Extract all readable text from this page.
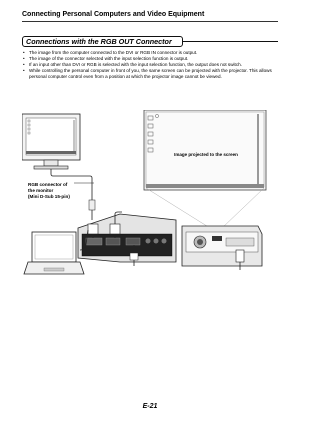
Connecting Personal Computers and Video Equipment
Connections with the RGB OUT Connector
• The image from the computer connected to the DVI or RGB IN connector is output.
• The image of the connector selected with the input selection function is output.
• If an input other than DVI or RGB is selected with the input selection function, the output does not switch.
• While controlling the personal computer in front of you, the same screen can be projected with the projector. This allows personal computer control even from a position at which the projector image cannot be viewed.
Image projected to the screen
RGB connector of
the monitor
(Mini D-Sub 15-pin)
E-21
